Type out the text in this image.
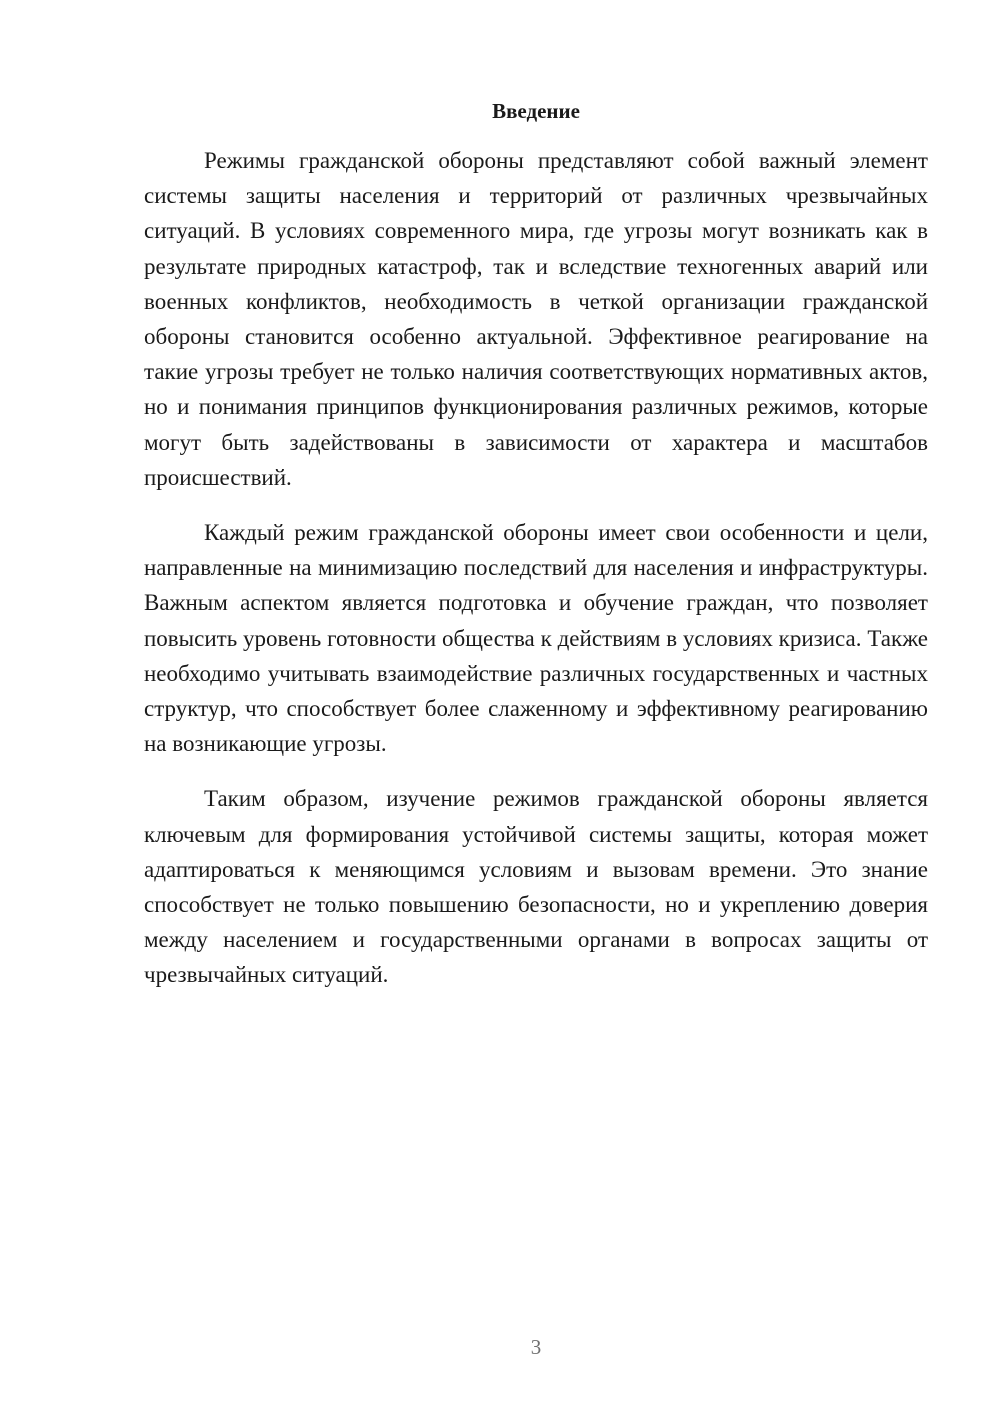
Введение

Режимы гражданской обороны представляют собой важный элемент системы защиты населения и территорий от различных чрезвычайных ситуаций. В условиях современного мира, где угрозы могут возникать как в результате природных катастроф, так и вследствие техногенных аварий или военных конфликтов, необходимость в четкой организации гражданской обороны становится особенно актуальной. Эффективное реагирование на такие угрозы требует не только наличия соответствующих нормативных актов, но и понимания принципов функционирования различных режимов, которые могут быть задействованы в зависимости от характера и масштабов происшествий.

Каждый режим гражданской обороны имеет свои особенности и цели, направленные на минимизацию последствий для населения и инфраструктуры. Важным аспектом является подготовка и обучение граждан, что позволяет повысить уровень готовности общества к действиям в условиях кризиса. Также необходимо учитывать взаимодействие различных государственных и частных структур, что способствует более слаженному и эффективному реагированию на возникающие угрозы.

Таким образом, изучение режимов гражданской обороны является ключевым для формирования устойчивой системы защиты, которая может адаптироваться к меняющимся условиям и вызовам времени. Это знание способствует не только повышению безопасности, но и укреплению доверия между населением и государственными органами в вопросах защиты от чрезвычайных ситуаций.

3
